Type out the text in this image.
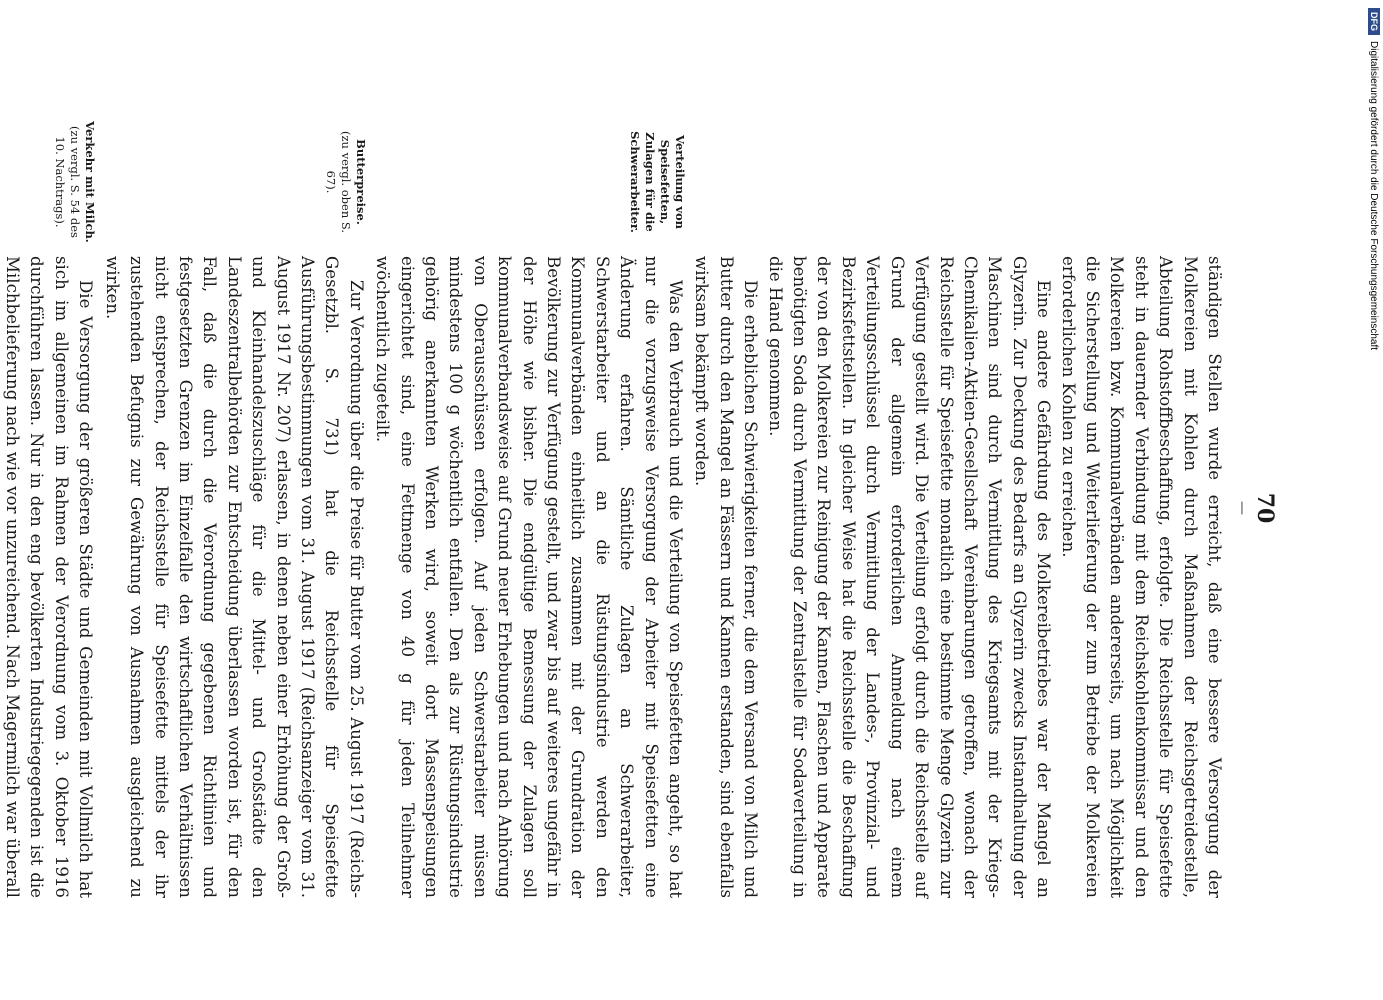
70
—

ständigen Stellen wurde erreicht, daß eine bessere Versorgung der Molkereien mit Kohlen durch Maßnahmen der Reichsgetreidestelle, Abteilung Rohstoffbeschaffung, erfolgte. Die Reichsstelle für Speisefette steht in dauernder Verbindung mit dem Reichskohlenkommissar und den Molkereien bzw. Kommunalverbänden andererseits, um nach Möglichkeit die Sicherstellung und Weiterlieferung der zum Betriebe der Molkereien erforderlichen Kohlen zu erreichen.

Eine andere Gefährdung des Molkereibetriebes war der Mangel an Glyzerin. Zur Deckung des Bedarfs an Glyzerin zwecks Instandhaltung der Maschinen sind durch Vermittlung des Kriegsamts mit der Kriegs-Chemikalien-Aktien-Gesellschaft Vereinbarungen getroffen, wonach der Reichsstelle für Speisefette monatlich eine bestimmte Menge Glyzerin zur Verfügung gestellt wird. Die Verteilung erfolgt durch die Reichsstelle auf Grund der allgemein erforderlichen Anmeldung nach einem Verteilungsschlüssel durch Vermittlung der Landes-, Provinzial- und Bezirksfettstellen. In gleicher Weise hat die Reichsstelle die Beschaffung der von den Molkereien zur Reinigung der Kannen, Flaschen und Apparate benötigten Soda durch Vermittlung der Zentralstelle für Sodaverteilung in die Hand genommen.

Die erheblichen Schwierigkeiten ferner, die dem Versand von Milch und Butter durch den Mangel an Fässern und Kannen erstanden, sind ebenfalls wirksam bekämpft worden.

Verteilung von Speisefetten, Zulagen für die Schwerarbeiter.

Was den Verbrauch und die Verteilung von Speisefetten angeht, so hat nur die vorzugsweise Versorgung der Arbeiter mit Speisefetten eine Änderung erfahren. Sämtliche Zulagen an Schwerarbeiter, Schwerstarbeiter und an die Rüstungsindustrie werden den Kommunalverbänden einheitlich zusammen mit der Grundration der Bevölkerung zur Verfügung gestellt, und zwar bis auf weiteres ungefähr in der Höhe wie bisher. Die endgültige Bemessung der Zulagen soll kommunalverbandsweise auf Grund neuer Erhebungen und nach Anhörung von Oberausschüssen erfolgen. Auf jeden Schwerstarbeiter müssen mindestens 100 g wöchentlich entfallen. Den als zur Rüstungsindustrie gehörig anerkannten Werken wird, soweit dort Massenspeisungen eingerichtet sind, eine Fettmenge von 40 g für jeden Teilnehmer wöchentlich zugeteilt.

Butterpreise.
(zu vergl. oben S. 67).

Zur Verordnung über die Preise für Butter vom 25. August 1917 (Reichs-Gesetzbl. S. 731) hat die Reichsstelle für Speisefette Ausführungsbestimmungen vom 31. August 1917 (Reichsanzeiger vom 31. August 1917 Nr. 207) erlassen, in denen neben einer Erhöhung der Groß- und Kleinhandelszuschläge für die Mittel- und Großstädte den Landeszentralbehörden zur Entscheidung überlassen worden ist, für den Fall, daß die durch die Verordnung gegebenen Richtlinien und festgesetzten Grenzen im Einzelfalle den wirtschaftlichen Verhältnissen nicht entsprechen, der Reichsstelle für Speisefette mittels der ihr zustehenden Befugnis zur Gewährung von Ausnahmen ausgleichend zu wirken.

Verkehr mit Milch.
(zu vergl. S. 54 des 10. Nachtrags).

Die Versorgung der größeren Städte und Gemeinden mit Vollmilch hat sich im allgemeinen im Rahmen der Verordnung vom 3. Oktober 1916 durchführen lassen. Nur in den eng bevölkerten Industriegegenden ist die Milchbelieferung nach wie vor unzureichend. Nach Magermilch war überall

DFG
Digitalisierung gefördert durch die Deutsche Forschungsgemeinschaft
